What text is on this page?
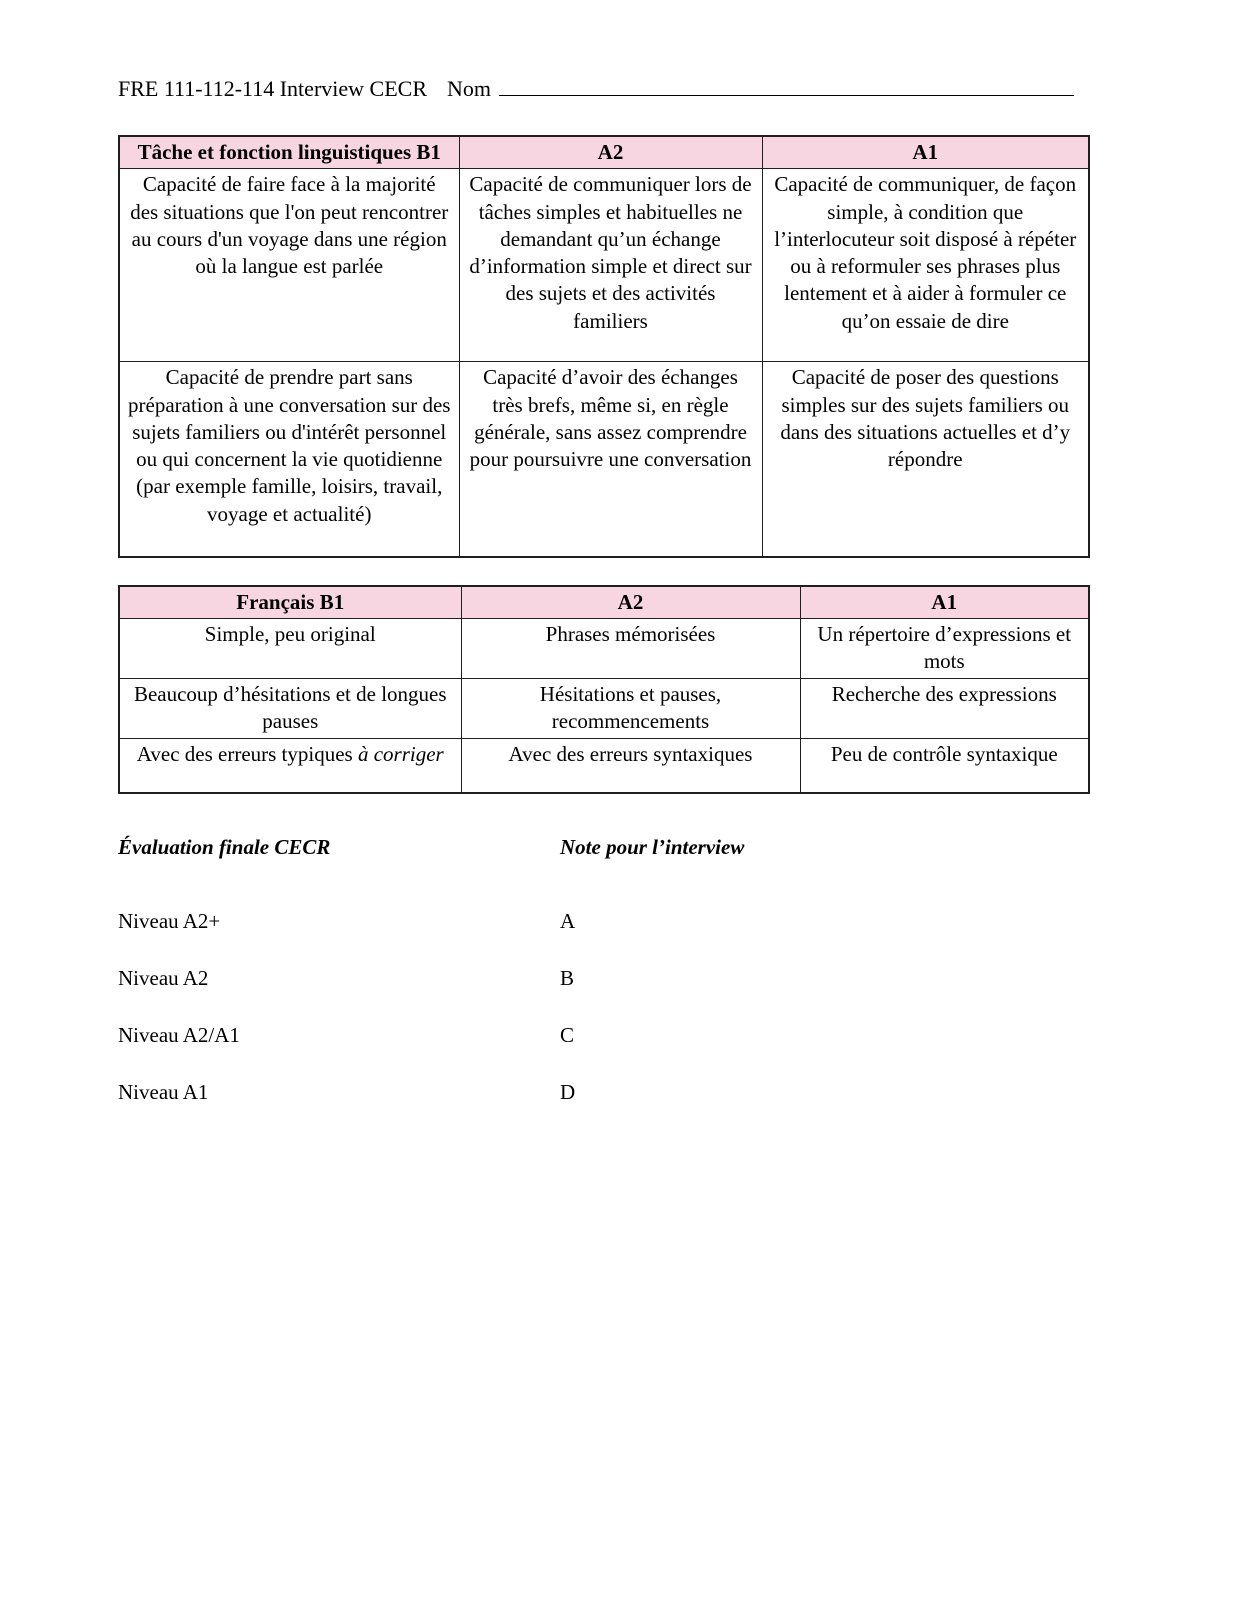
FRE 111-112-114 Interview CECR Nom
Tâche et fonction linguistiques B1	A2	A1
Capacité de faire face à la majorité des situations que l'on peut rencontrer au cours d'un voyage dans une région où la langue est parlée	Capacité de communiquer lors de tâches simples et habituelles ne demandant qu’un échange d’information simple et direct sur des sujets et des activités familiers	Capacité de communiquer, de façon simple, à condition que l’interlocuteur soit disposé à répéter ou à reformuler ses phrases plus lentement et à aider à formuler ce qu’on essaie de dire
Capacité de prendre part sans préparation à une conversation sur des sujets familiers ou d'intérêt personnel ou qui concernent la vie quotidienne (par exemple famille, loisirs, travail, voyage et actualité)	Capacité d’avoir des échanges très brefs, même si, en règle générale, sans assez comprendre pour poursuivre une conversation	Capacité de poser des questions simples sur des sujets familiers ou dans des situations actuelles et d’y répondre
Français B1	A2	A1
Simple, peu original	Phrases mémorisées	Un répertoire d’expressions et mots
Beaucoup d’hésitations et de longues pauses	Hésitations et pauses, recommencements	Recherche des expressions
Avec des erreurs typiques à corriger	Avec des erreurs syntaxiques	Peu de contrôle syntaxique
Évaluation finale CECR	Note pour l’interview
Niveau A2+	A
Niveau A2	B
Niveau A2/A1	C
Niveau A1	D
